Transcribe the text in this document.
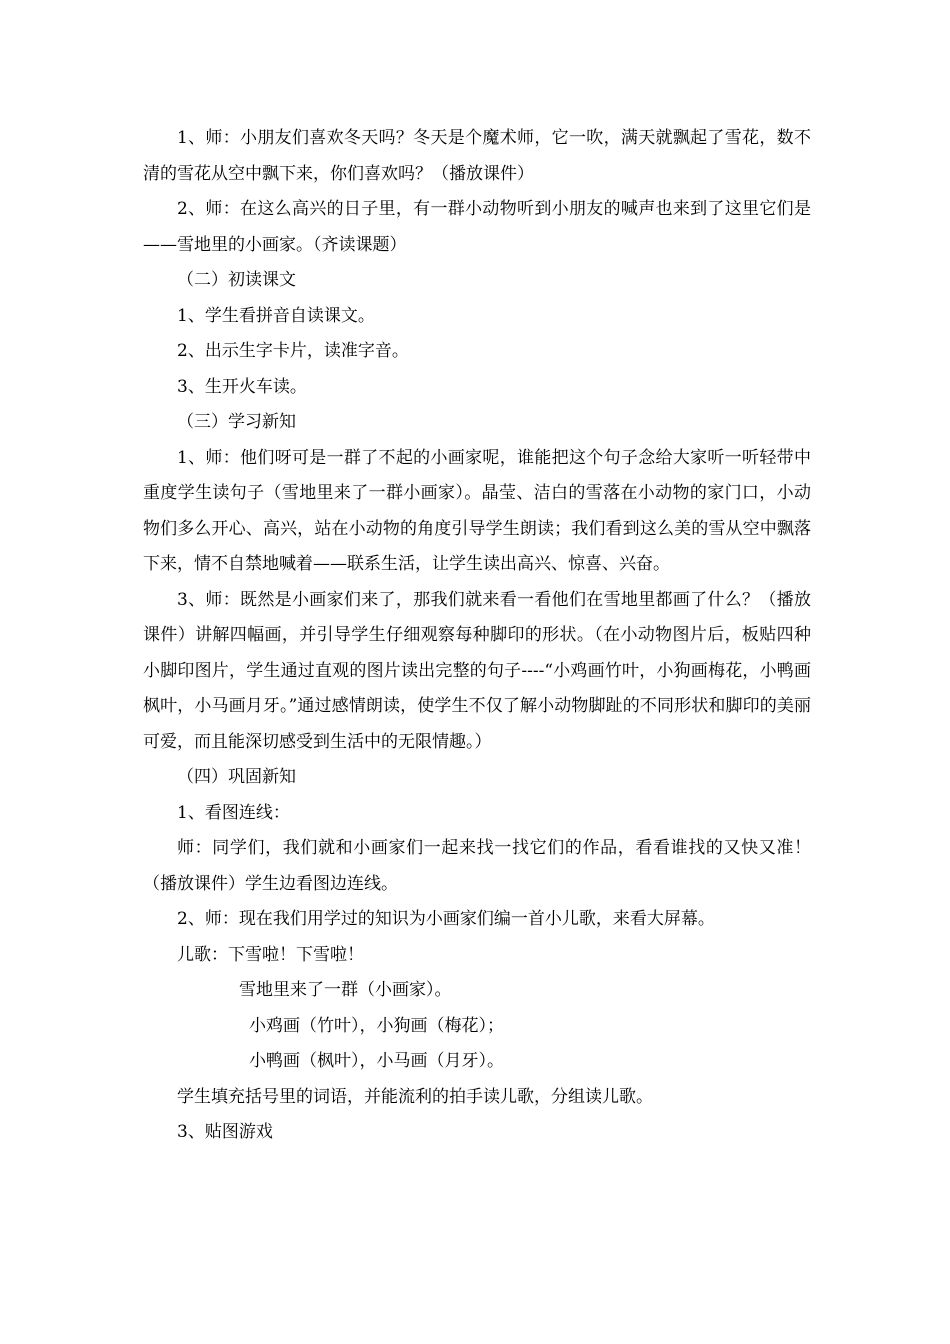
1、师：小朋友们喜欢冬天吗？冬天是个魔术师，它一吹，满天就飘起了雪花，数不清的雪花从空中飘下来，你们喜欢吗？（播放课件）

2、师：在这么高兴的日子里，有一群小动物听到小朋友的喊声也来到了这里它们是——雪地里的小画家。（齐读课题）

（二）初读课文

1、学生看拼音自读课文。

2、出示生字卡片，读准字音。

3、生开火车读。

（三）学习新知

1、师：他们呀可是一群了不起的小画家呢，谁能把这个句子念给大家听一听轻带中重度学生读句子（雪地里来了一群小画家）。晶莹、洁白的雪落在小动物的家门口，小动物们多么开心、高兴，站在小动物的角度引导学生朗读；我们看到这么美的雪从空中飘落下来，情不自禁地喊着——联系生活，让学生读出高兴、惊喜、兴奋。

3、师：既然是小画家们来了，那我们就来看一看他们在雪地里都画了什么？（播放课件）讲解四幅画，并引导学生仔细观察每种脚印的形状。（在小动物图片后，板贴四种小脚印图片，学生通过直观的图片读出完整的句子----“小鸡画竹叶，小狗画梅花，小鸭画枫叶，小马画月牙。”通过感情朗读，使学生不仅了解小动物脚趾的不同形状和脚印的美丽可爱，而且能深切感受到生活中的无限情趣。）

（四）巩固新知

1、看图连线：

师：同学们，我们就和小画家们一起来找一找它们的作品，看看谁找的又快又准！（播放课件）学生边看图边连线。

2、师：现在我们用学过的知识为小画家们编一首小儿歌，来看大屏幕。

儿歌：下雪啦！下雪啦！

雪地里来了一群（小画家）。

小鸡画（竹叶），小狗画（梅花）；

小鸭画（枫叶），小马画（月牙）。

学生填充括号里的词语，并能流利的拍手读儿歌，分组读儿歌。

3、贴图游戏
